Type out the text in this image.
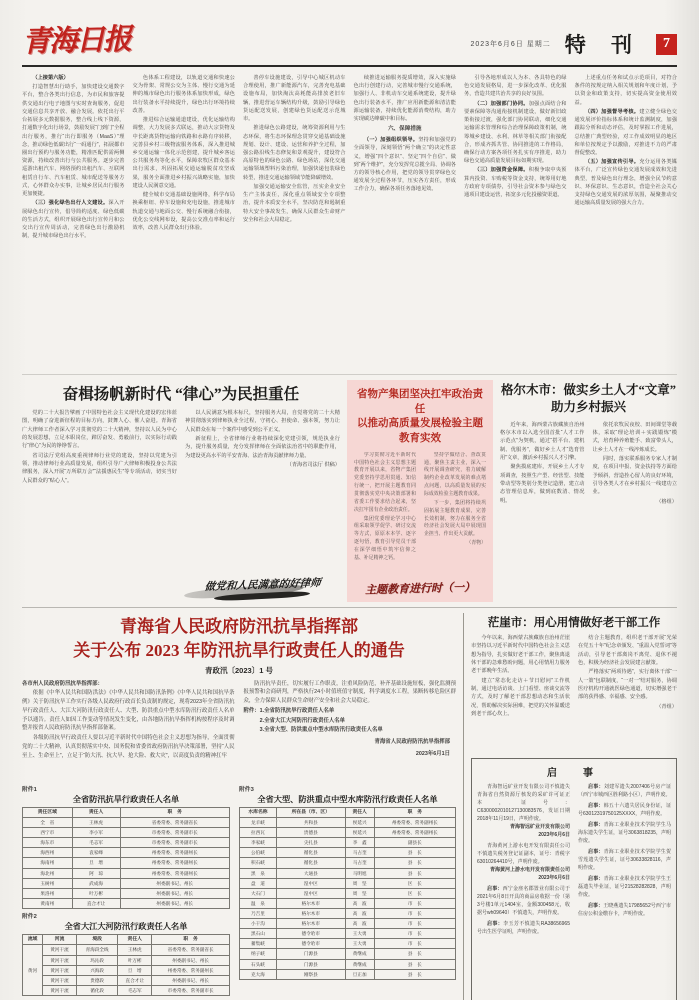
青海日报	2023年6月6日 星期二 特 刊	7

（上接第六版）

打造智慧出行助手，加快建设交通数字平台，整合各类出行信息，为市民和旅客提供交通出行电子地图与实时查询服务，促进交通信息共享开放、融合发展。依托出行平台拓展多元数据服务，整合线上线下资源，打通数字化出行场景，鼓励发展“门到门”全程出行服务，推行“出行即服务（MaaS）”理念，推动绿色低碳出行“一码通行”，拓展都市圈出行预约与服务功能，精准匹配供需两侧资源，持续改善出行与公共服务。逐步完善巡游出租汽车、网络预约出租汽车、互联网租赁自行车、汽车租赁、城市配送等服务方式，心怀群众办实事，让城乡居民出行服务更加便捷。

（三）强化绿色出行人文建设。深入开展绿色出行宣传，倡导简约适度、绿色低碳的生活方式，组织开展绿色出行宣传月和公交出行宣传周活动，完善绿色出行激励机制，提升城市绿色出行水平。

色体系工程建设，以轨道交通和快速公交为骨架、常规公交为主体、慢行交通为延伸的城市绿色出行服务体系加快形成，绿色出行装备水平持续提升，绿色出行环境持续改善。

推进综合运输通道建设，优化运输结构调整，大力发展多式联运，推动大宗货物及中长距离货物运输向铁路和水路有序转移，完善县乡村三级物流服务体系，深入推进城乡交通运输一体化示范创建，提升城乡客运公共服务均等化水平，保障农牧区群众基本出行需求，巩固拓展交通运输脱贫攻坚成果，服务全面推进乡村振兴战略实施，加快建设人民满意交通。

健全城市交通基础设施网络，科学布局换乘枢纽、停车设施和充电设施，推进城市轨道交通与地面公交、慢行系统融合衔接，优化公交线网布设，提高公交准点率和运行效率，改善人民群众出行体验。

善停车设施建设，引导中心城区机动车合理使用，推广新能源汽车，完善充电基础设施布局，加快淘汰高耗能高排放老旧车辆，推进营运车辆结构升级，鼓励引导绿色货运配送发展，创建绿色货运配送示范城市。

推进绿色公路建设，统筹资源利用与生态环保，将生态环保理念贯穿交通基础设施规划、设计、建设、运营和养护全过程，加强公路沿线生态修复和景观提升，建设符合高原特色的绿色公路、绿色场站，深化交通运输领域塑料污染治理，加强快递包装绿色转型，推进交通运输领域节能降碳增效。

加强交通运输安全监管，压实企业安全生产主体责任，深化重点领域安全专项整治，提升本质安全水平，坚决防范和遏制重特大安全事故发生，确保人民群众生命财产安全和社会大局稳定。

续推进运输服务提质增效，深入实施绿色出行创建行动，完善城市慢行交通系统，加强行人、非机动车交通系统建设，提升绿色出行装备水平，推广应用新能源和清洁能源运输装备，持续优化能源消费结构，助力实现碳达峰碳中和目标。

六、保障措施

（一）加强组织领导。坚持和加强党的全面领导，深刻领悟“两个确立”的决定性意义，增强“四个意识”、坚定“四个自信”、做到“两个维护”，充分发挥党总揽全局、协调各方的领导核心作用，把党的领导贯穿绿色交通发展全过程各环节，压实各方责任，形成工作合力，确保各项任务落地见效。

引导各地形成以人为本、各具特色的绿色交通发展格局，进一步深化改革、优化服务，营造共建共治共享的良好氛围。

（二）加强部门协同。加强点面结合和要素保障等沟通衔接机制建设，做好新旧政策衔接过渡，强化部门协同联动，细化交通运输需求管理和综合治理保障政策机制，统筹城乡建设、水利、林草等相关部门衔接配合，形成齐抓共管、协同推进的工作格局，确保行动方案各项任务扎实有序推进，助力绿色交通高质量发展目标如期实现。

（三）加强资金保障。积极争取中央预算内投资、车购税等资金支持，统筹用好地方政府专项债券，引导社会资本参与绿色交通项目建设运营，拓宽多元化投融资渠道。

上述重点任务和试点示范项目，对符合条件的按规定纳入相关规划和年度计划，予以资金和政策支持，切实提高资金使用效益。

（四）加强督导考核。建立健全绿色交通发展评价指标体系和统计监测制度，加强跟踪分析和动态评估，及时掌握工作进展，总结推广典型经验，对工作成效明显的地区和单位按规定予以激励，对推进不力的严肃督促整改。

（五）加强宣传引导。充分运用各类媒体平台，广泛宣传绿色交通发展成效和先进典型，普及绿色出行理念，增强全民节约意识、环保意识、生态意识，营造全社会关心支持绿色交通发展的浓厚氛围，凝聚推动交通运输高质量发展的强大合力。

奋楫扬帆新时代 “律心”为民担重任

党的二十大报告擘画了中国特色社会主义现代化建设的宏伟蓝图，明确了奋进新征程的目标方向，鼓舞人心、催人奋进。青海省广大律师工作者深入学习贯彻党的二十大精神，坚持以人民为中心的发展思想，立足本职岗位，踔厉奋发、勇毅前行，以实际行动践行“律心”为民的铮铮誓言。

省司法厅党组高度重视律师行业党的建设，坚持以党建为引领，推动律师行业高质量发展，组织引导广大律师积极投身公共法律服务，深入开展“万所联万会”“法援惠民生”等专项活动，切实当好人民群众的“贴心人”。

以人民满意为根本标尺，坚持服务大局，自觉将党的二十大精神贯彻落实到律师执业全过程，守初心、担使命、强本领，努力让人民群众在每一个案件中感受到公平正义。

新征程上，全省律师行业将持续深化党建引领，规范执业行为，提升服务质量，充分发挥律师在全面依法治省中的职能作用，为建设更高水平的平安青海、法治青海贡献律师力量。

（青海省司法厅 供稿）

做党和人民满意的好律师
省物产集团坚决扛牢政治责任
以推动高质量发展检验主题教育实效

学习贯彻习近平新时代中国特色社会主义思想主题教育开展以来，省物产集团党委坚持学思用贯通、知信行统一，把开展主题教育同贯彻落实党中央决策部署和省委工作要求结合起来，坚决扛牢国有企业政治责任。

集团党委理论学习中心组采取领学促学、研讨交流等方式，原原本本学、逐字逐句悟，教育引导党员干部在深学细悟中筑牢信仰之基、补足精神之钙。

坚持学做结合、查改贯通，聚焦主责主业，深入一线开展调查研究，着力破解制约企业改革发展的难点堵点问题，以高质量发展的实际成效检验主题教育成果。

下一步，集团将持续巩固拓展主题教育成果，完善长效机制，努力在服务全省经济社会发展大局中展现国企担当、作出更大贡献。

（青物）

主题教育进行时（一）
格尔木市：做实乡土人才“文章”
助力乡村振兴

近年来，海西蒙古族藏族自治州格尔木市以入选全国首批“人才工作示范点”为契机，通过“搭平台、建机制、优服务”，做好乡土人才“选育管用”文章，激活乡村振兴人才引擎。

聚焦摸底建库，开展乡土人才专项调查，按照生产型、经营型、技能带动型等类别分类登记造册，建立动态管理信息库，做到底数清、情况明。

依托农牧民夜校、田间课堂等载体，采取“理论培训＋实践锻炼”模式，培育种养殖能手、致富带头人，让乡土人才在一线淬炼成长。

同时，落实联系服务专家人才制度，在项目申报、资金扶持等方面给予倾斜，营造拴心留人的良好环境，引导各类人才在乡村振兴一线建功立业。

（格组）

青海省人民政府防汛抗旱指挥部
关于公布 2023 年防汛抗旱行政责任人的通告
青政汛〔2023〕1 号

各市州人民政府防汛抗旱指挥部：

依据《中华人民共和国防洪法》《中华人民共和国防汛条例》《中华人民共和国抗旱条例》关于防汛抗旱工作实行各级人民政府行政首长负责制的规定，现将2023年全省防汛抗旱行政责任人、大江大河防汛行政责任人、大型、防洪重点中型水库防汛行政责任人名单予以通告。责任人如因工作变动等情况发生变化，由各地防汛抗旱指挥机构按程序及时调整并报省人民政府防汛抗旱指挥部备案。

各级防汛抗旱行政责任人要以习近平新时代中国特色社会主义思想为指导，全面贯彻党的二十大精神，认真贯彻落实中央、国务院和省委省政府防汛抗旱决策部署，坚持“人民至上、生命至上”，立足于“防大汛、抗大旱、抢大险、救大灾”，以高度负责的精神扛牢

防汛抗旱责任，切实履行工作职责，注重风险防范，补齐基础设施短板，强化监测预报预警和会商研判，严格执行24小时值班值守制度，科学调度水工程，果断转移危险区群众，全力保障人民群众生命财产安全和社会大局稳定。

附件：1.全省防汛抗旱行政责任人名单

　　　2.全省大江大河防汛行政责任人名单

　　　3.全省大型、防洪重点中型水库防汛行政责任人名单

青海省人民政府防汛抗旱指挥部

2023年6月1日

附件1
全省防汛抗旱行政责任人名单
责任区域	责任人	职　务
全　省	王林虎	省委常委、常务副省长
西宁市	李小军	市委常委、常务副市长
海东市	毛志军	市委常委、常务副市长
海西州	袁家峰	州委常委、常务副州长
海南州	旦　增	州委常委、常务副州长
海北州	阿　琼	州委常委、常务副州长
玉树州	武成海	州委副书记、州长
果洛州	叶万彬	州委副书记、州长
黄南州	直合才让	州委副书记、州长
附件2
全省大江大河防汛行政责任人名单
流域	河流	堤段	责任人	职　务
黄河	黄河干流	青海段全线	王林虎	省委常委、常务副省长
	黄河干流	玛沁段	叶万彬	州委副书记、州长
	黄河干流	兴海段	旦　增	州委常委、常务副州长
	黄河干流	贵德段	直合才让	州委副书记、州长
	黄河干流	循化段	毛志军	市委常委、常务副市长
附件3
全省大型、防洪重点中型水库防汛行政责任人名单
水库名称	所在县（市、区）	责任人	职　务
龙羊峡	共和县	侯延兴	州委常委、常务副州长
拉西瓦	贵德县	侯延兴	州委常委、常务副州长
李家峡	尖扎县	李　鑫	副县长
公伯峡	循化县	马占奎	县　长
积石峡	循化县	马占奎	县　长
黑　泉	大通县	马明旭	县　长
盘　道	湟中区	周　坚	区　长
大石门	湟中区	周　坚	区　长
温　泉	格尔木市	高　波	市　长
乃吉里	格尔木市	高　波	市　长
小干沟	格尔木市	高　波	市　长
黑石山	德令哈市	王大勇	市　长
蓄集峡	德令哈市	王大勇	市　长
纳子峡	门源县	黄继成	县　长
石头峡	门源县	黄继成	县　长
克大海	刚察县	旦正加	县　长
茫崖市：用心用情做好老干部工作

今年以来，海西蒙古族藏族自治州茫崖市坚持以习近平新时代中国特色社会主义思想为指导，扎实做好老干部工作，聚焦离退休干部的急难愁盼问题，用心用情用力服务老干部晚年生活。

建立“常态化走访＋节日慰问”工作机制，通过电话访谈、上门看望、座谈交流等方式，及时了解老干部思想动态和生活状况，帮助解决实际困难，把党的关怀温暖送到老干部心坎上。

结合主题教育，组织老干部开展“光荣在党五十年”纪念章颁发、“重温入党誓词”等活动，引导老干部离岗不离党、退休不褪色，积极为经济社会发展建言献策。

严格落实“两项待遇”，实行离休干部“一人一策”包联制度，“一对一”结对服务，协调医疗机构开通就医绿色通道，切实增强老干部的获得感、幸福感、安全感。

（青组）

启　事

青海智远矿业开发有限公司不慎遗失青海省自然资源厅核发的采矿许可证正本，证号：C6300002010127130083576，发证日期2018年11月19日，声明作废。

青海智远矿业开发有限公司

2023年6月6日

青海黄河上游水电开发有限责任公司不慎遗失税务登记证副本，证号：青税字63010264410号，声明作废。

青海黄河上游水电开发有限责任公司

2023年6月6日

启事：西宁金座名郡置业有限公司于2021年6月8日开具的商品房收据一份（第3号楼1单元1404室，金额300458元，收据号wh09640）不慎遗失，声明作废。

启事：李玉芳不慎遗失RA38656965号出生医学证明，声明作废。

启事：刘建军遗失2007406号房产证（西宁市城西区胜利路小区），声明作废。

启事：韩五十六遗失居民身份证，证号63012319750125XXXX，声明作废。

启事：青海工业职业技术学院学生马海东遗失学生证，证号3063818235，声明作废。

启事：青海工业职业技术学院学生贺雪莲遗失学生证，证号30633828116，声明作废。

启事：青海工业职业技术学院学生王磊遗失毕业证，证号21528282828，声明作废。

启事：王晓燕遗失17985652号西宁市住房公积金缴存卡，声明作废。
